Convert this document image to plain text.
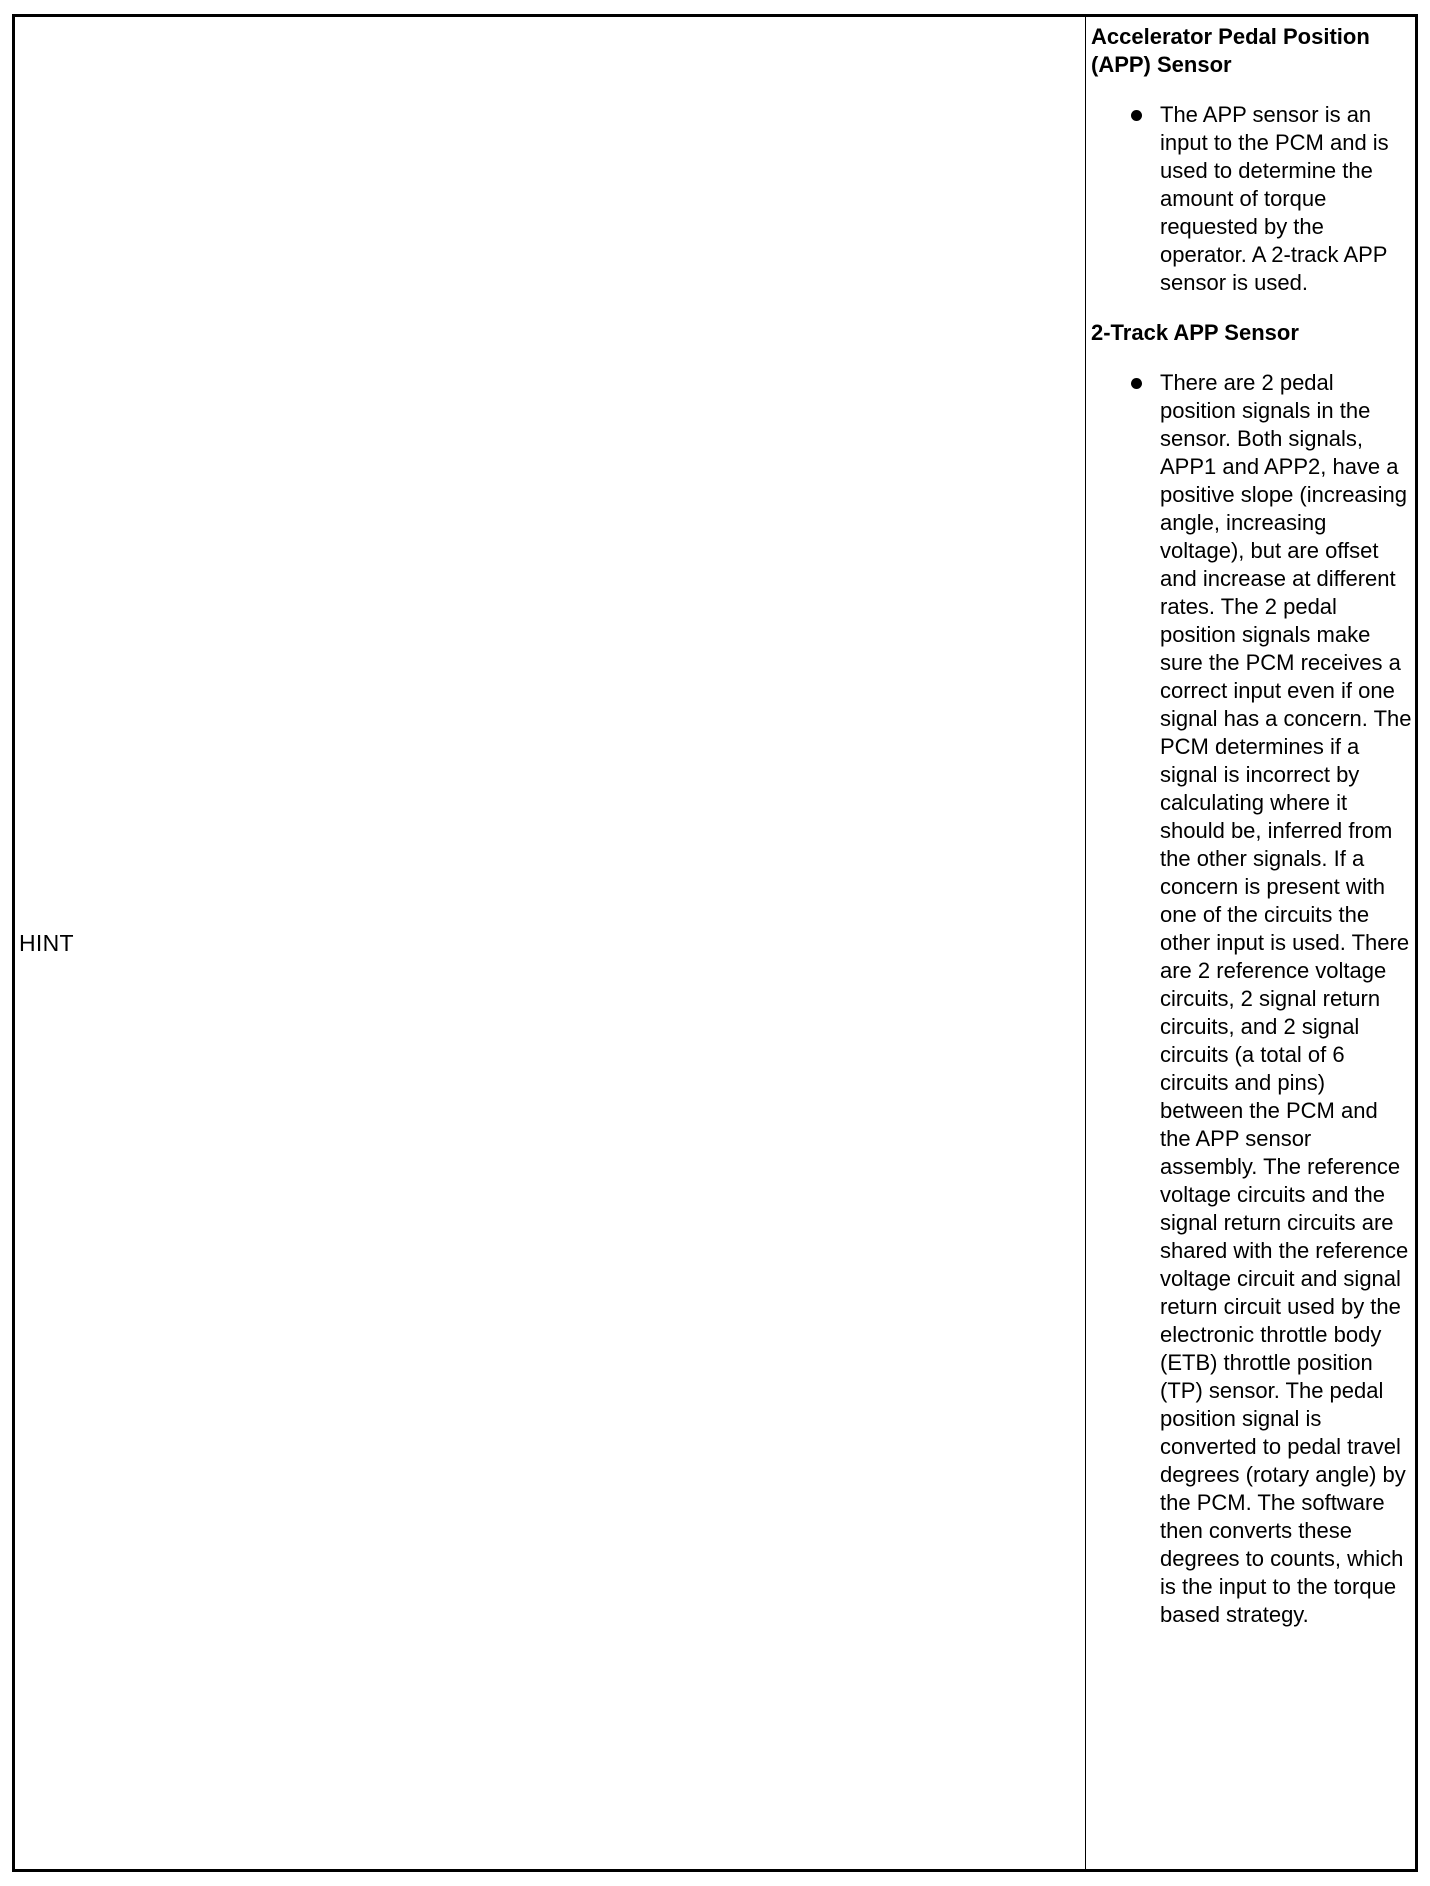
HINT
Accelerator Pedal Position (APP) Sensor
The APP sensor is an input to the PCM and is used to determine the amount of torque requested by the operator. A 2-track APP sensor is used.
2-Track APP Sensor
There are 2 pedal position signals in the sensor. Both signals, APP1 and APP2, have a positive slope (increasing angle, increasing voltage), but are offset and increase at different rates. The 2 pedal position signals make sure the PCM receives a correct input even if one signal has a concern. The PCM determines if a signal is incorrect by calculating where it should be, inferred from the other signals. If a concern is present with one of the circuits the other input is used. There are 2 reference voltage circuits, 2 signal return circuits, and 2 signal circuits (a total of 6 circuits and pins) between the PCM and the APP sensor assembly. The reference voltage circuits and the signal return circuits are shared with the reference voltage circuit and signal return circuit used by the electronic throttle body (ETB) throttle position (TP) sensor. The pedal position signal is converted to pedal travel degrees (rotary angle) by the PCM. The software then converts these degrees to counts, which is the input to the torque based strategy.
